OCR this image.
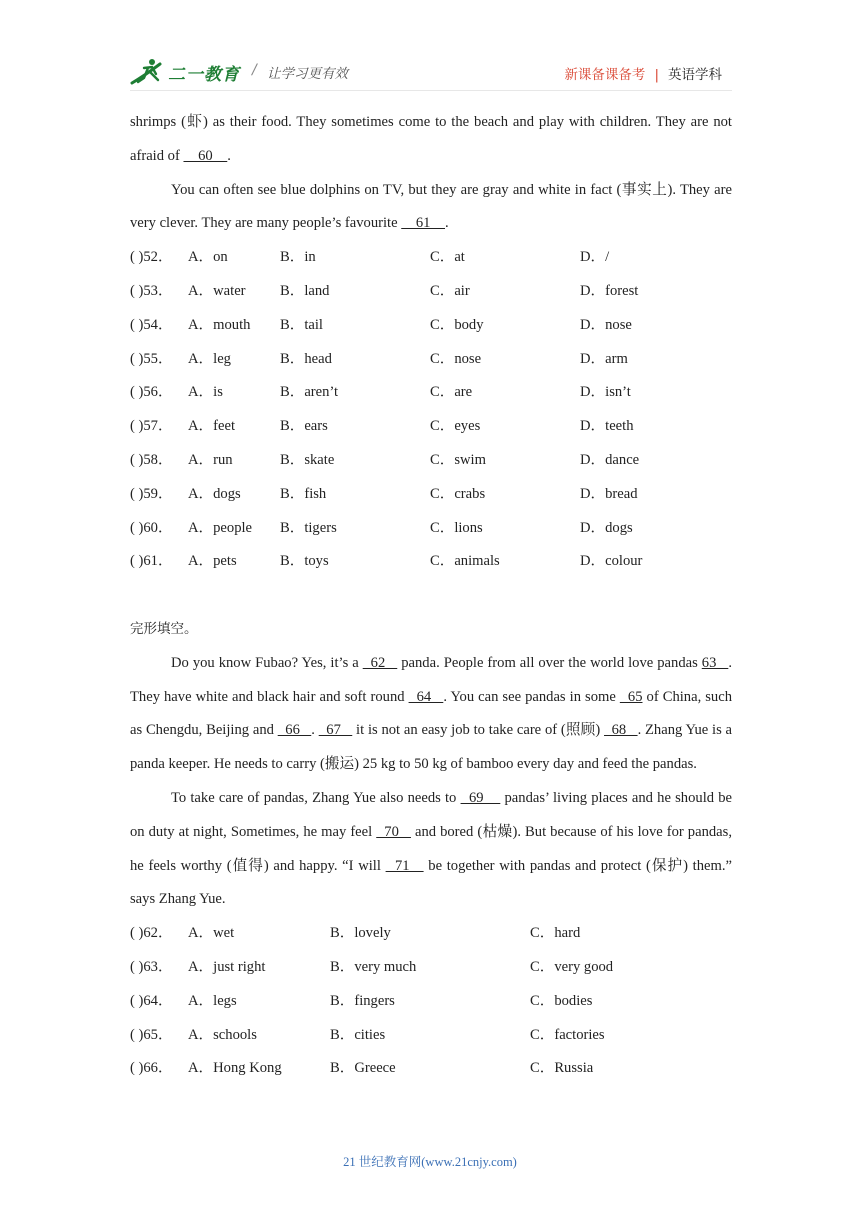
二一教育 / 让学习更有效	新课备课备考 | 英语学科

shrimps (虾) as their food. They sometimes come to the beach and play with children. They are not afraid of     60    .

You can often see blue dolphins on TV, but they are gray and white in fact (事实上). They are very clever. They are many people’s favourite     61    .

( )52． A．on	B．in	C．at	D．/
( )53． A．water B．land	C．air	D．forest
( )54． A．mouth B．tail	C．body	D．nose
( )55． A．leg	B．head	C．nose	D．arm
( )56． A．is	B．aren’t	C．are	D．isn’t
( )57． A．feet	B．ears	C．eyes	D．teeth
( )58． A．run	B．skate	C．swim	D．dance
( )59． A．dogs	B．fish	C．crabs	D．bread
( )60． A．people B．tigers	C．lions	D．dogs
( )61． A．pets	B．toys	C．animals	D．colour
完形填空。

Do you know Fubao? Yes, it’s a   62    panda. People from all over the world love pandas 63   . They have white and black hair and soft round   64   . You can see pandas in some   65 of China, such as Chengdu, Beijing and   66   .   67    it is not an easy job to take care of (照顾)   68   . Zhang Yue is a panda keeper. He needs to carry (搬运) 25 kg to 50 kg of bamboo every day and feed the pandas.

To take care of pandas, Zhang Yue also needs to   69     pandas’ living places and he should be on duty at night, Sometimes, he may feel   70    and bored (枯燥). But because of his love for pandas, he feels worthy (值得) and happy. “I will   71    be together with pandas and protect (保护) them.” says Zhang Yue.

( )62． A．wet	B．lovely	C．hard
( )63． A．just right	B．very much	C．very good
( )64． A．legs	B．fingers	C．bodies
( )65． A．schools	B．cities	C．factories
( )66． A．Hong Kong	B．Greece	C．Russia
21 世纪教育网(www.21cnjy.com)
